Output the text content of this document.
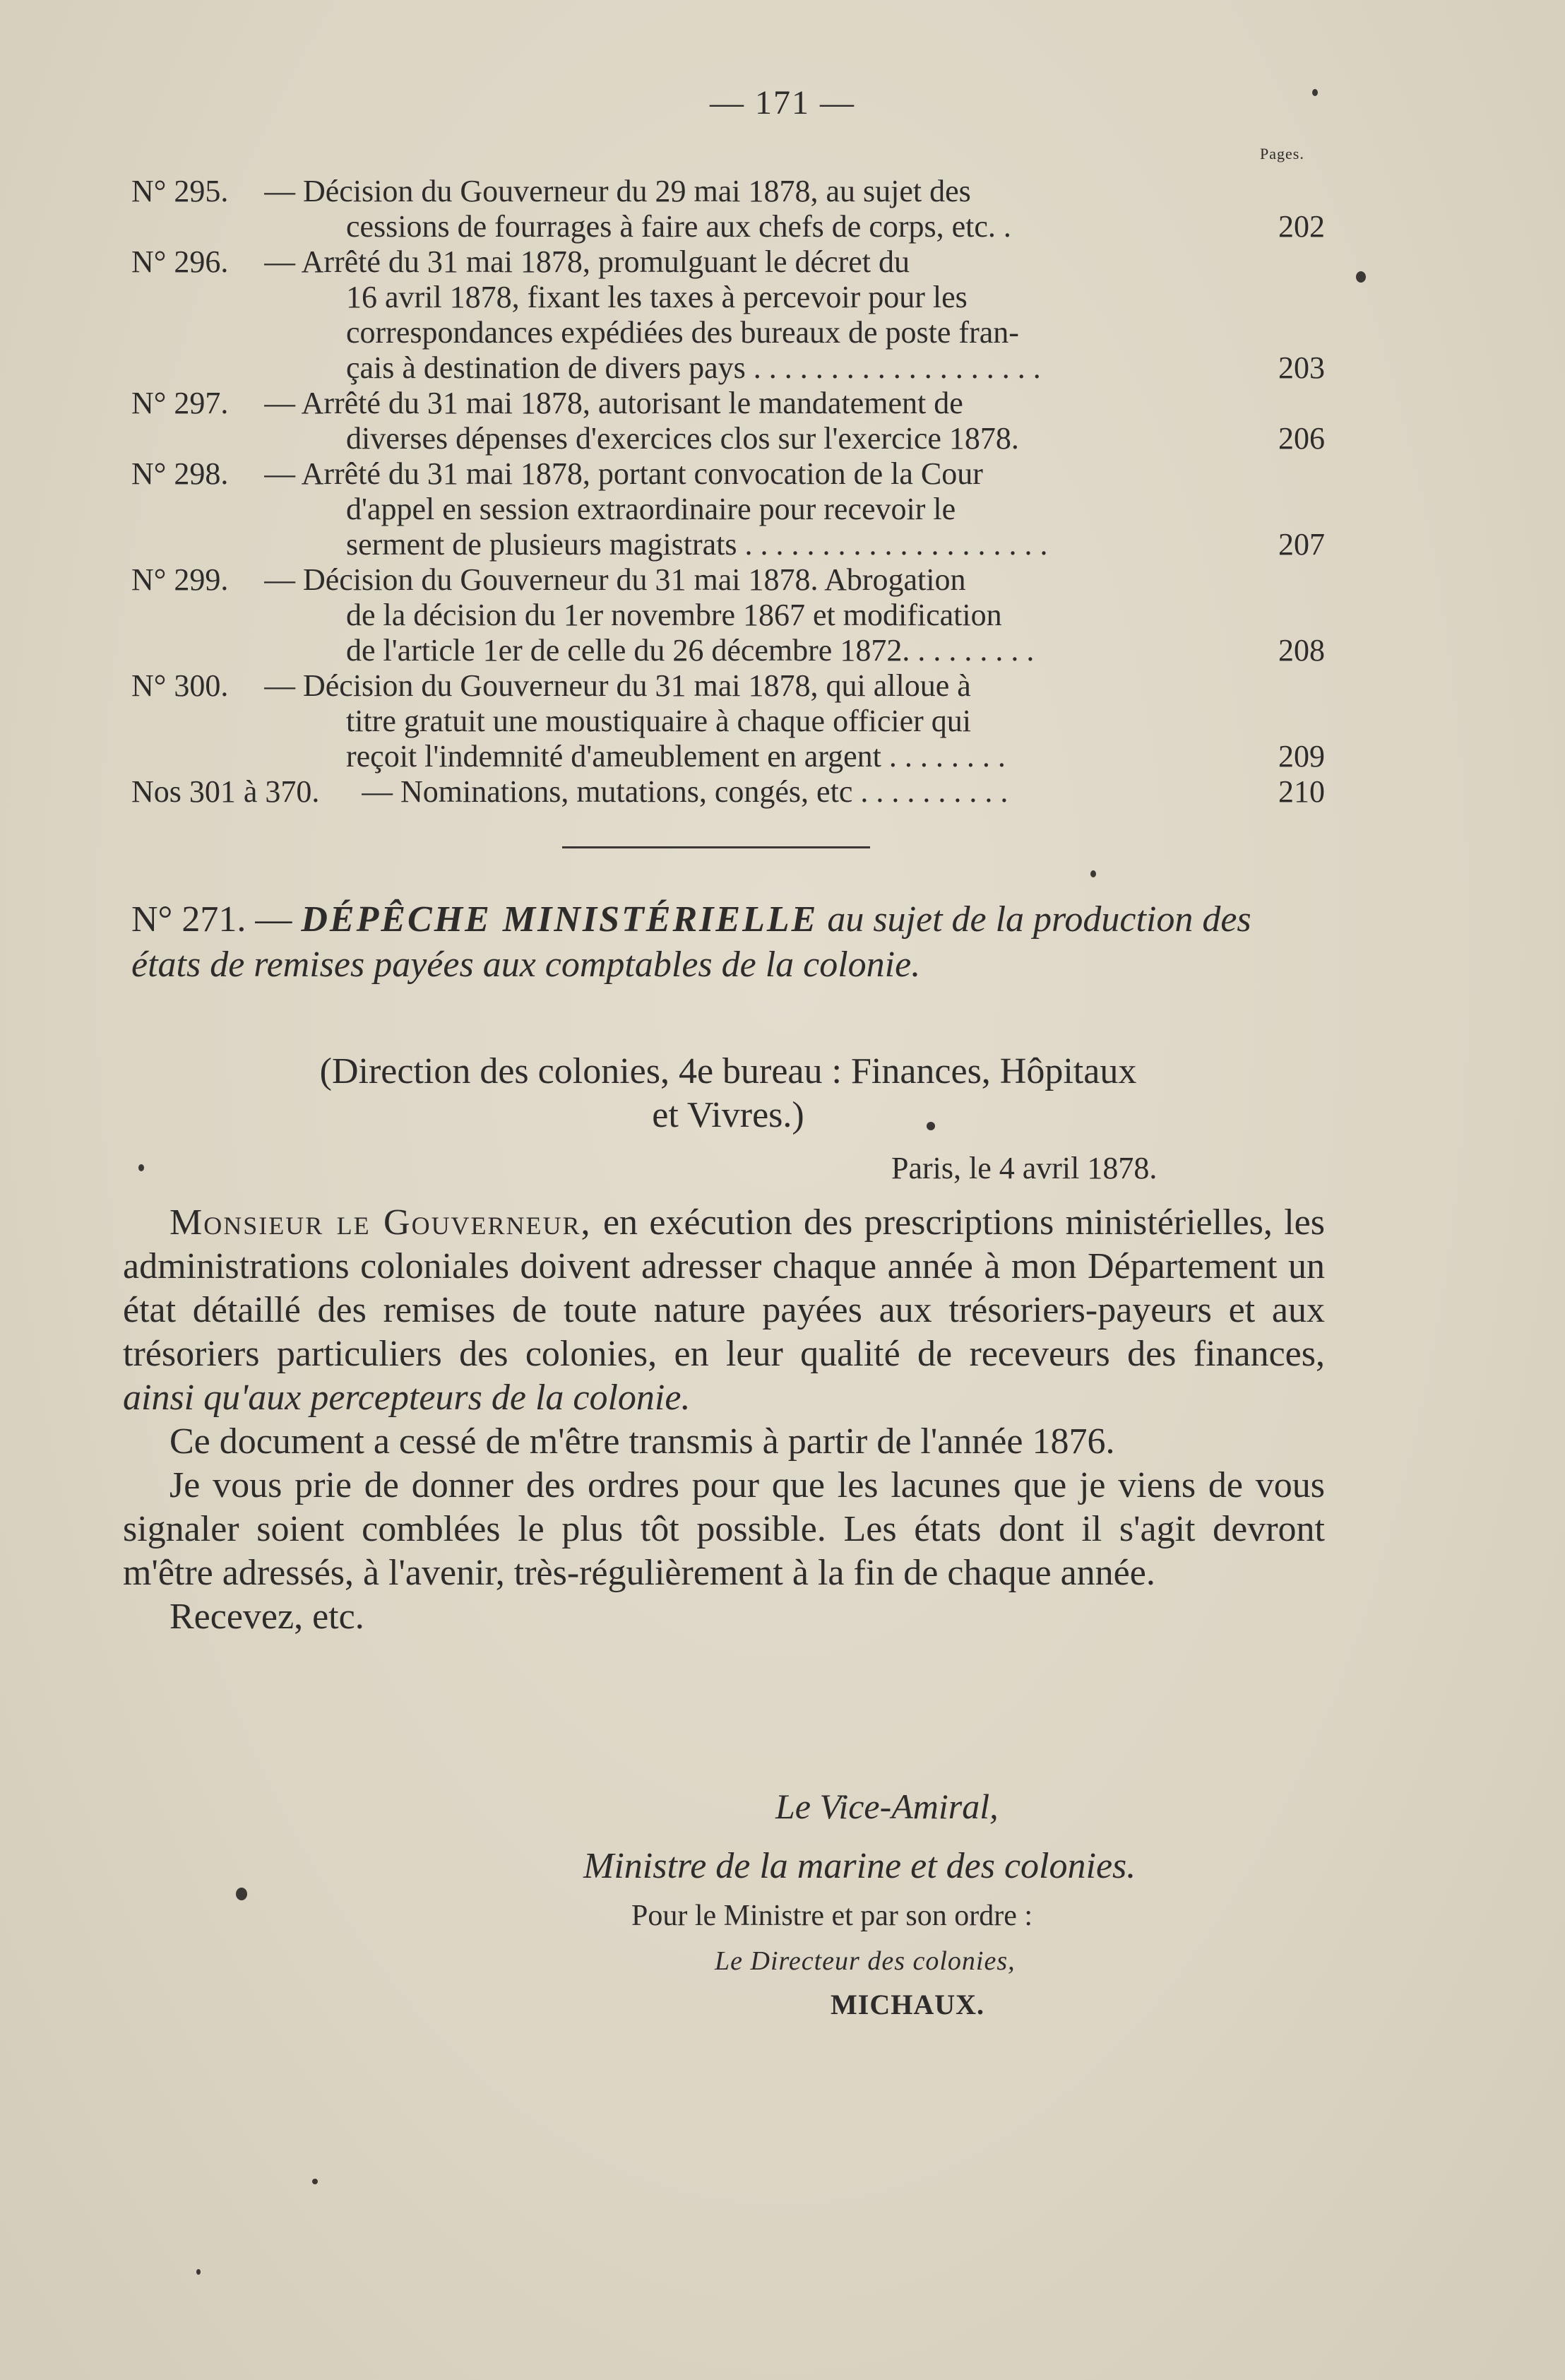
— 171 —
Pages.
N° 295. — Décision du Gouverneur du 29 mai 1878, au sujet des
cessions de fourrages à faire aux chefs de corps, etc. .	202
N° 296. — Arrêté du 31 mai 1878, promulguant le décret du
16 avril 1878, fixant les taxes à percevoir pour les
correspondances expédiées des bureaux de poste fran-
çais à destination de divers pays . . . . . . . . . . . . . . . . . . .	203
N° 297. — Arrêté du 31 mai 1878, autorisant le mandatement de
diverses dépenses d'exercices clos sur l'exercice 1878.	206
N° 298. — Arrêté du 31 mai 1878, portant convocation de la Cour
d'appel en session extraordinaire pour recevoir le
serment de plusieurs magistrats . . . . . . . . . . . . . . . . . . . .	207
N° 299. — Décision du Gouverneur du 31 mai 1878. Abrogation
de la décision du 1er novembre 1867 et modification
de l'article 1er de celle du 26 décembre 1872. . . . . . . . .	208
N° 300. — Décision du Gouverneur du 31 mai 1878, qui alloue à
titre gratuit une moustiquaire à chaque officier qui
reçoit l'indemnité d'ameublement en argent . . . . . . . .	209
Nos 301 à 370. — Nominations, mutations, congés, etc . . . . . . . . . .	210
N° 271. — DÉPÊCHE MINISTÉRIELLE au sujet de la production des états de remises payées aux comptables de la colonie.
(Direction des colonies, 4e bureau : Finances, Hôpitaux
et Vivres.)
Paris, le 4 avril 1878.

Monsieur le Gouverneur, en exécution des prescriptions ministérielles, les administrations coloniales doivent adresser chaque année à mon Département un état détaillé des remises de toute nature payées aux trésoriers-payeurs et aux trésoriers particuliers des colonies, en leur qualité de receveurs des finances, ainsi qu'aux percepteurs de la colonie.

Ce document a cessé de m'être transmis à partir de l'année 1876.

Je vous prie de donner des ordres pour que les lacunes que je viens de vous signaler soient comblées le plus tôt possible. Les états dont il s'agit devront m'être adressés, à l'avenir, très-régulièrement à la fin de chaque année.

Recevez, etc.

Le Vice-Amiral,
Ministre de la marine et des colonies.
Pour le Ministre et par son ordre :
Le Directeur des colonies,
MICHAUX.
